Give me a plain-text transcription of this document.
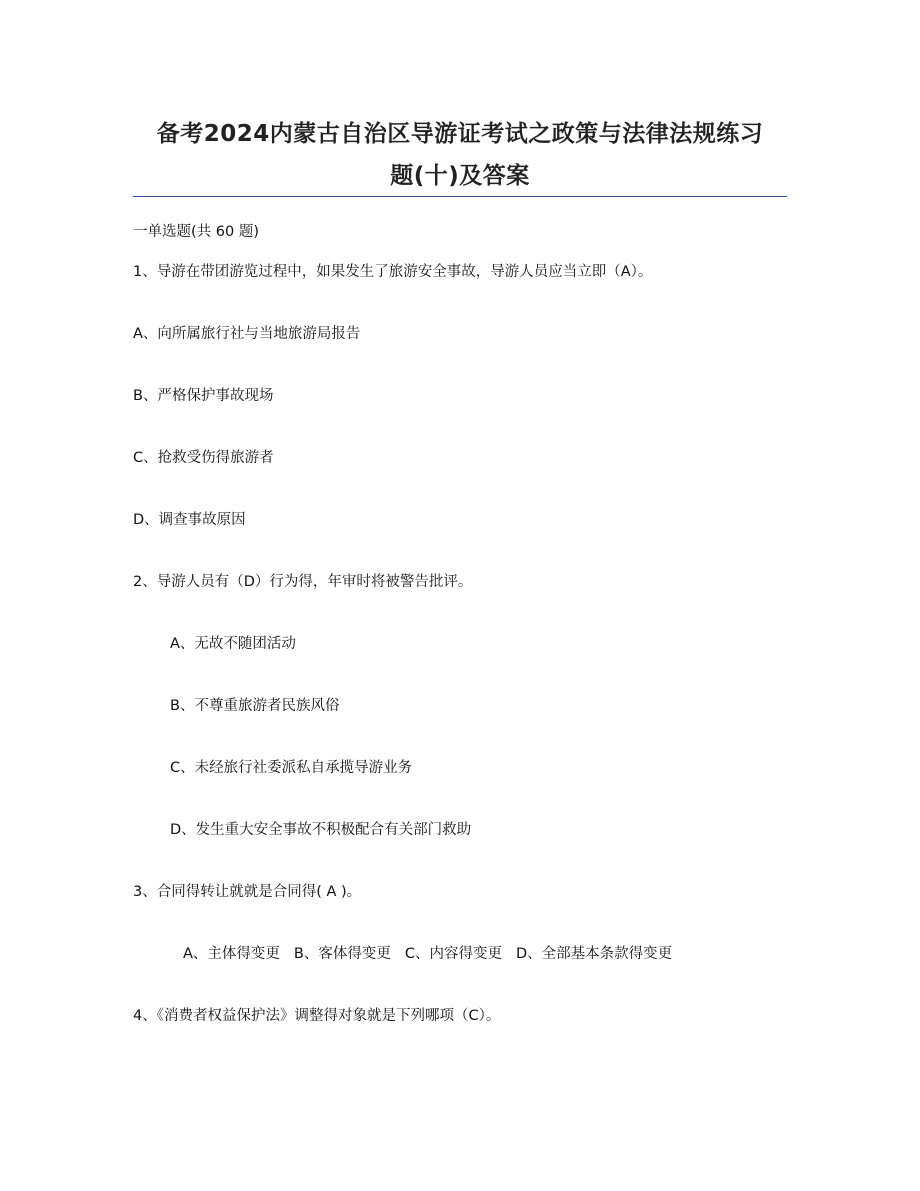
备考2024内蒙古自治区导游证考试之政策与法律法规练习
题(十)及答案
一单选题(共 60 题)
1、导游在带团游览过程中，如果发生了旅游安全事故，导游人员应当立即（A）。
A、向所属旅行社与当地旅游局报告
B、严格保护事故现场
C、抢救受伤得旅游者
D、调查事故原因
2、导游人员有（D）行为得，年审时将被警告批评。
A、无故不随团活动
B、不尊重旅游者民族风俗
C、未经旅行社委派私自承揽导游业务
D、发生重大安全事故不积极配合有关部门救助
3、合同得转让就就是合同得( A )。
A、主体得变更 B、客体得变更 C、内容得变更 D、全部基本条款得变更
4、《消费者权益保护法》调整得对象就是下列哪项（C）。
